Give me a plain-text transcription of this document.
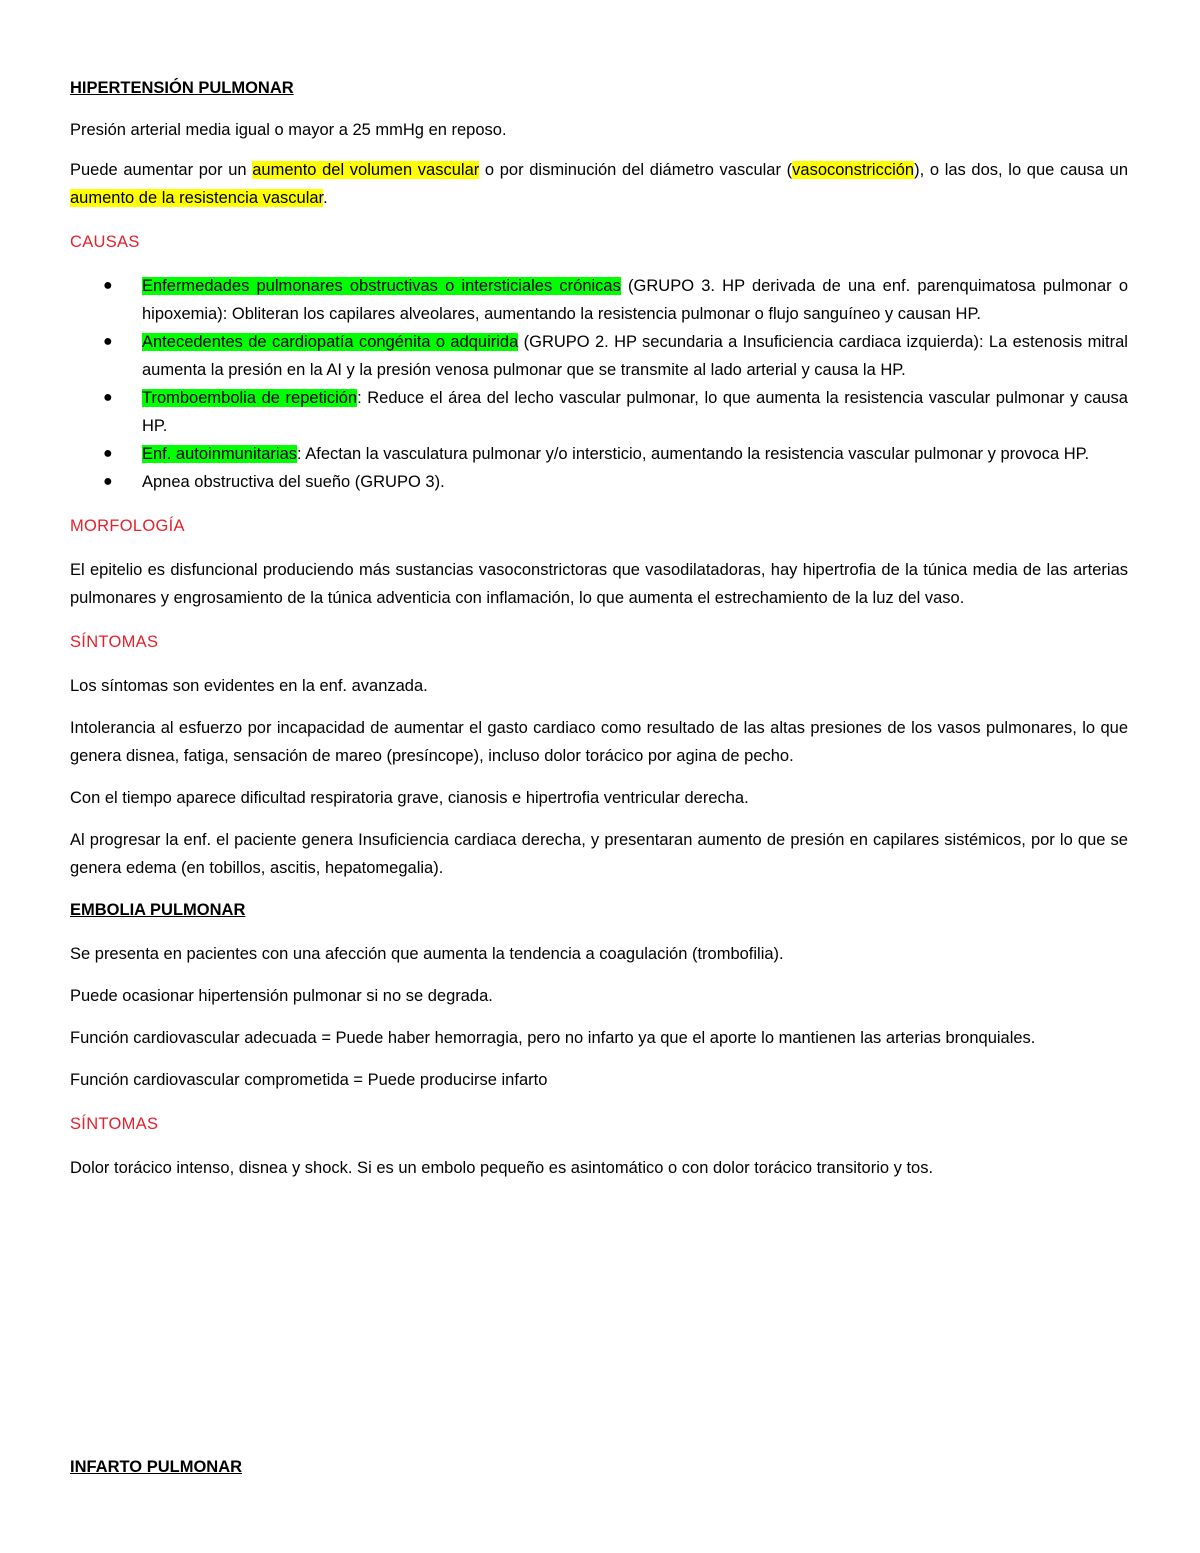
HIPERTENSIÓN PULMONAR

Presión arterial media igual o mayor a 25 mmHg en reposo.

Puede aumentar por un aumento del volumen vascular o por disminución del diámetro vascular (vasoconstricción), o las dos, lo que causa un aumento de la resistencia vascular.

CAUSAS

● Enfermedades pulmonares obstructivas o intersticiales crónicas (GRUPO 3. HP derivada de una enf. parenquimatosa pulmonar o hipoxemia): Obliteran los capilares alveolares, aumentando la resistencia pulmonar o flujo sanguíneo y causan HP.
● Antecedentes de cardiopatía congénita o adquirida (GRUPO 2. HP secundaria a Insuficiencia cardiaca izquierda): La estenosis mitral aumenta la presión en la AI y la presión venosa pulmonar que se transmite al lado arterial y causa la HP.
● Tromboembolia de repetición: Reduce el área del lecho vascular pulmonar, lo que aumenta la resistencia vascular pulmonar y causa HP.
● Enf. autoinmunitarias: Afectan la vasculatura pulmonar y/o intersticio, aumentando la resistencia vascular pulmonar y provoca HP.
● Apnea obstructiva del sueño (GRUPO 3).

MORFOLOGÍA

El epitelio es disfuncional produciendo más sustancias vasoconstrictoras que vasodilatadoras, hay hipertrofia de la túnica media de las arterias pulmonares y engrosamiento de la túnica adventicia con inflamación, lo que aumenta el estrechamiento de la luz del vaso.

SÍNTOMAS

Los síntomas son evidentes en la enf. avanzada.

Intolerancia al esfuerzo por incapacidad de aumentar el gasto cardiaco como resultado de las altas presiones de los vasos pulmonares, lo que genera disnea, fatiga, sensación de mareo (presíncope), incluso dolor torácico por agina de pecho.

Con el tiempo aparece dificultad respiratoria grave, cianosis e hipertrofia ventricular derecha.

Al progresar la enf. el paciente genera Insuficiencia cardiaca derecha, y presentaran aumento de presión en capilares sistémicos, por lo que se genera edema (en tobillos, ascitis, hepatomegalia).

EMBOLIA PULMONAR

Se presenta en pacientes con una afección que aumenta la tendencia a coagulación (trombofilia).

Puede ocasionar hipertensión pulmonar si no se degrada.

Función cardiovascular adecuada = Puede haber hemorragia, pero no infarto ya que el aporte lo mantienen las arterias bronquiales.

Función cardiovascular comprometida = Puede producirse infarto

SÍNTOMAS

Dolor torácico intenso, disnea y shock. Si es un embolo pequeño es asintomático o con dolor torácico transitorio y tos.

INFARTO PULMONAR
